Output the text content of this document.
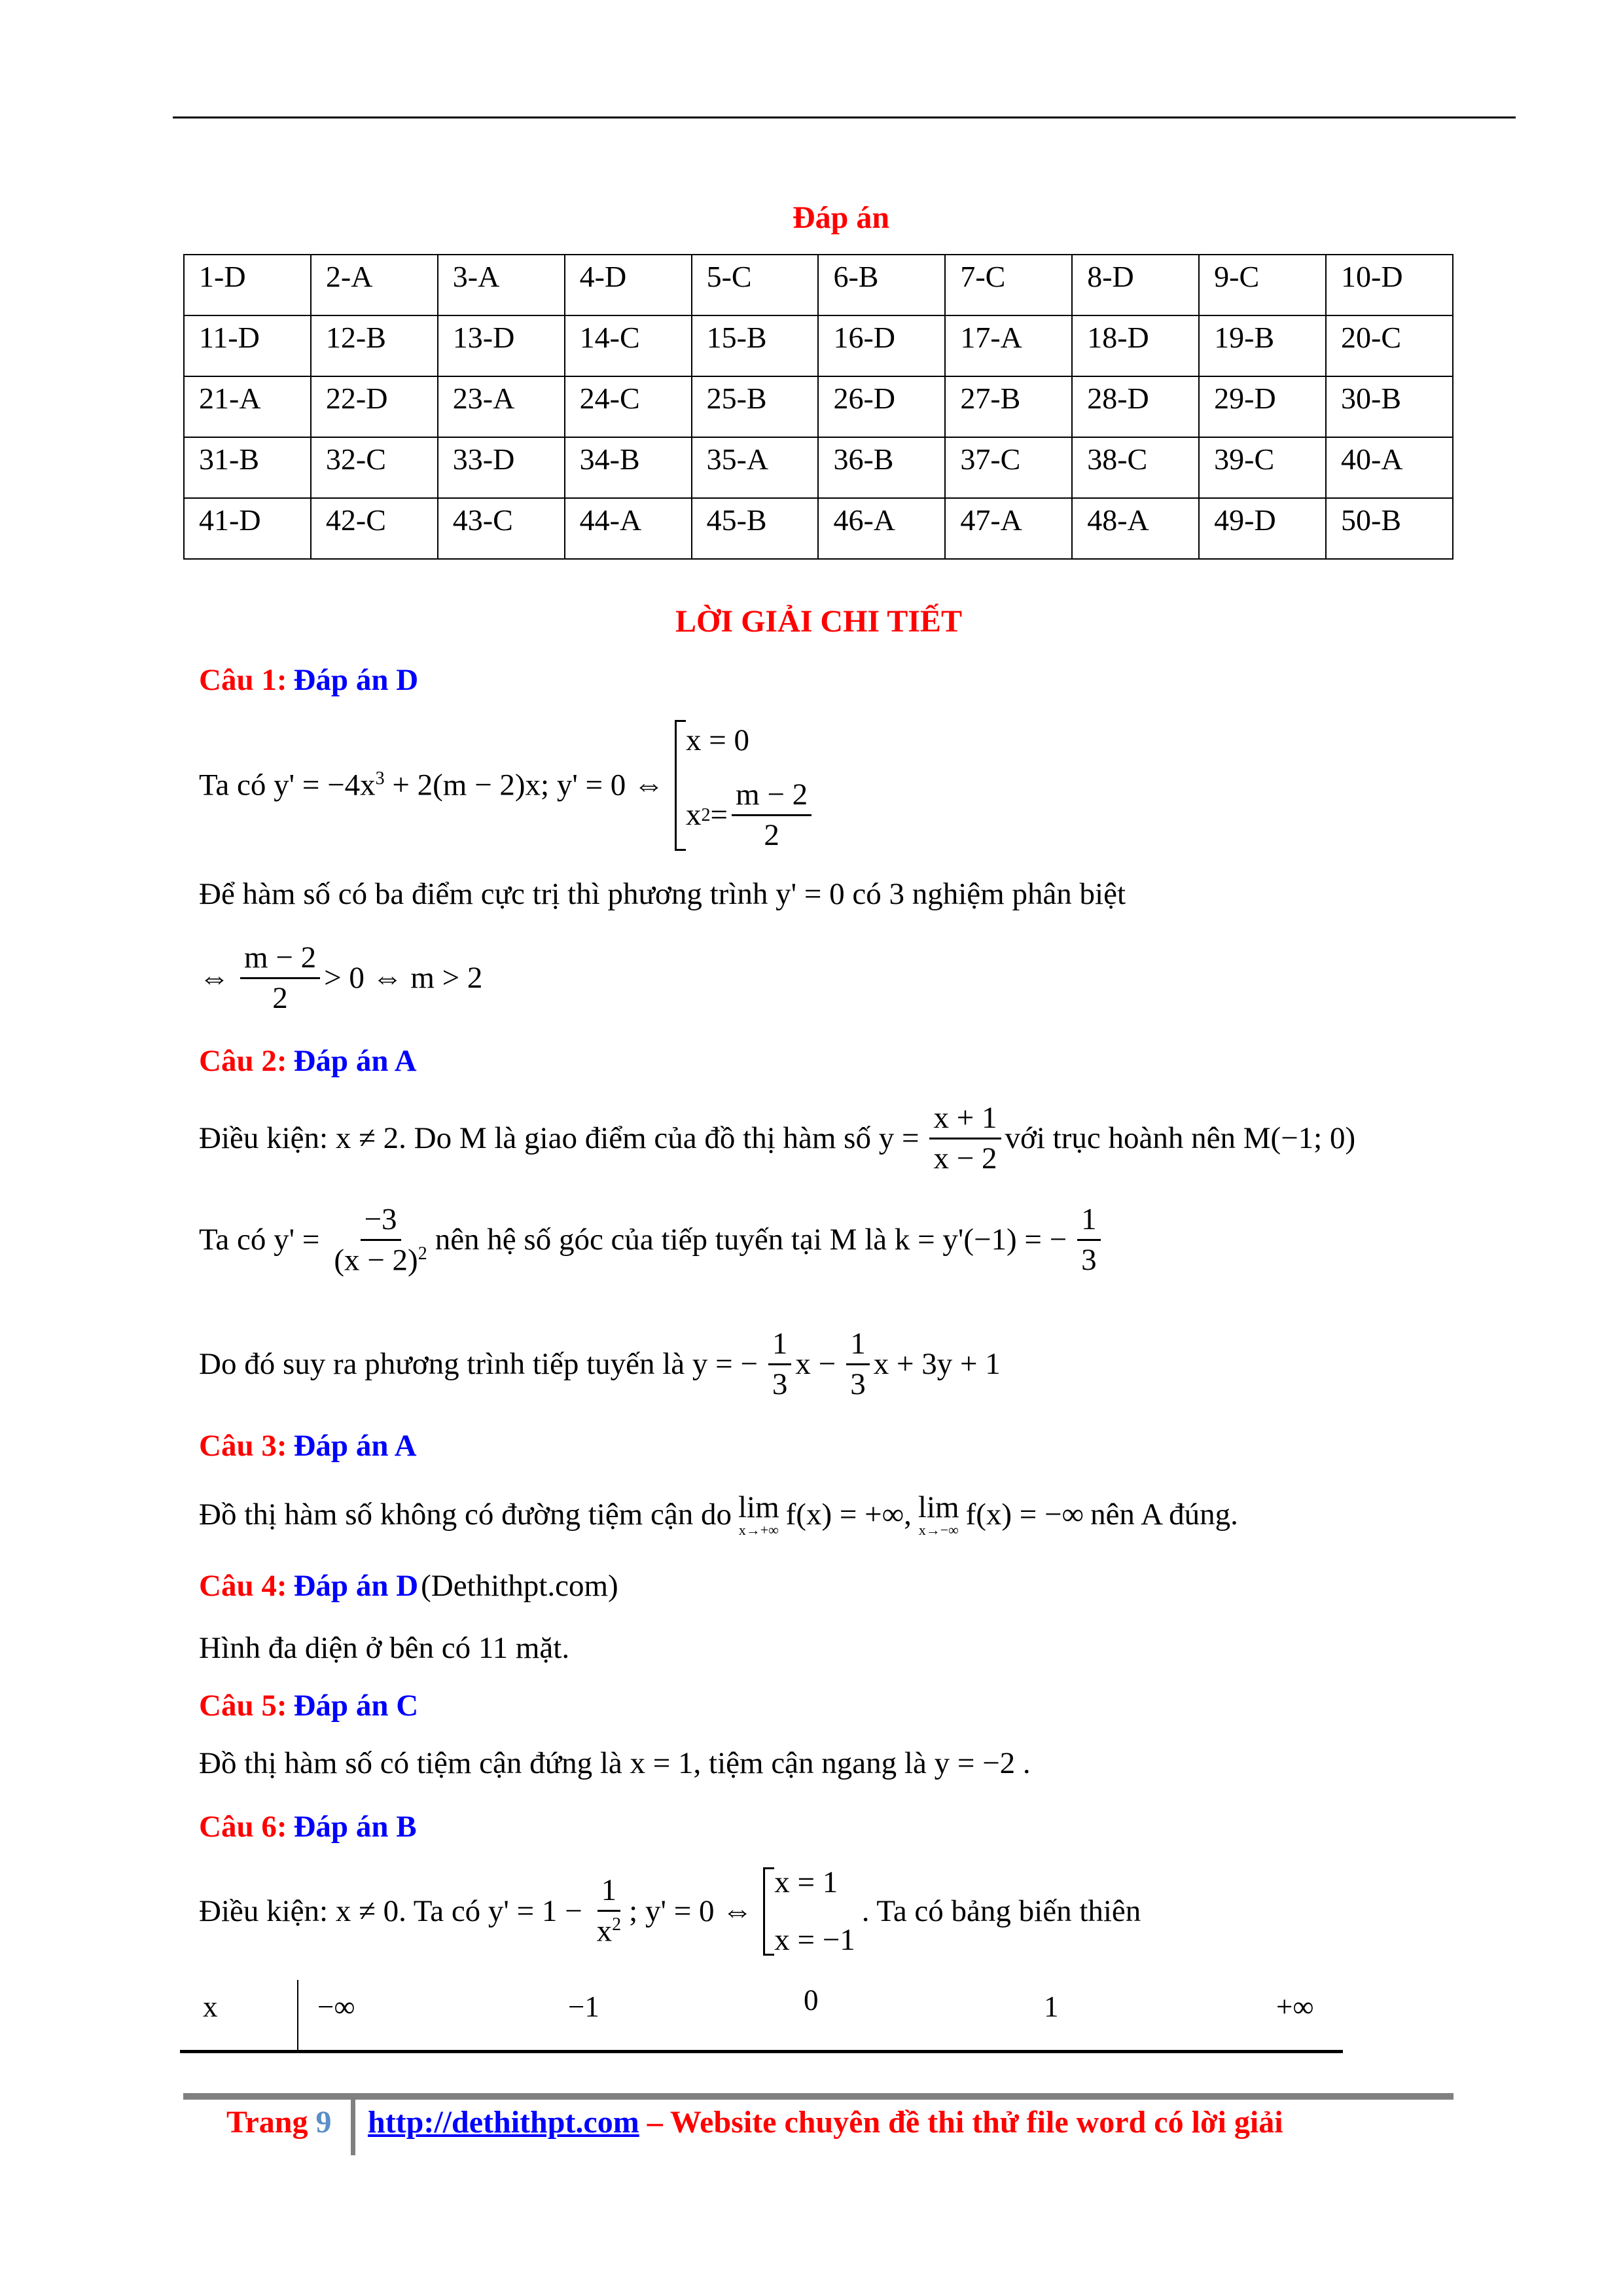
Đáp án
1-D	2-A	3-A	4-D	5-C	6-B	7-C	8-D	9-C	10-D
11-D	12-B	13-D	14-C	15-B	16-D	17-A	18-D	19-B	20-C
21-A	22-D	23-A	24-C	25-B	26-D	27-B	28-D	29-D	30-B
31-B	32-C	33-D	34-B	35-A	36-B	37-C	38-C	39-C	40-A
41-D	42-C	43-C	44-A	45-B	46-A	47-A	48-A	49-D	50-B
LỜI GIẢI CHI TIẾT
Câu 1: Đáp án D
Ta có $y' = -4x^3 + 2(m - 2)x$; y' = 0 ⇔
x = 0
x $2 = \frac{m - 2}{2}$
Để hàm số có ba điểm cực trị thì phương trình y' = 0 có 3 nghiệm phân biệt
⇔
m − 2
2
> 0 ⇔ m > 2
Câu 2: Đáp án A
Điều kiện: x ≠ 2. Do M là giao điểm của đồ thị hàm số $y = \frac{x + 1}{x - 2}$ với trục hoành nên M(−1; 0)
Ta có $y' = \frac{-3}{(x - 2)^2}$ nên hệ số góc của tiếp tuyến tại M là k = y'(−1) = − $\frac{1}{3}$
Do đó suy ra phương trình tiếp tuyến là y = − $\frac{1}{3}$ $x - \frac{1}{3}$ x + 3y + 1
Câu 3: Đáp án A
Đồ thị hàm số không có đường tiệm cận do lim
x→+∞ f(x) = +∞, lim
x→−∞ f(x) = −∞ nên A đúng.
Câu 4: Đáp án D (Dethithpt.com)
Hình đa diện ở bên có 11 mặt.
Câu 5: Đáp án C
Đồ thị hàm số có tiệm cận đứng là x = 1, tiệm cận ngang là y = −2 .
Câu 6: Đáp án B
Điều kiện: x ≠ 0. Ta có $y' = 1 - \frac{1}{x^2}$ ; y' = 0 ⇔
x = 1
x = −1
. Ta có bảng biến thiên
x	−∞	−1	0	1	+∞
Trang 9 http://dethithpt.com – Website chuyên đề thi thử file word có lời giải
